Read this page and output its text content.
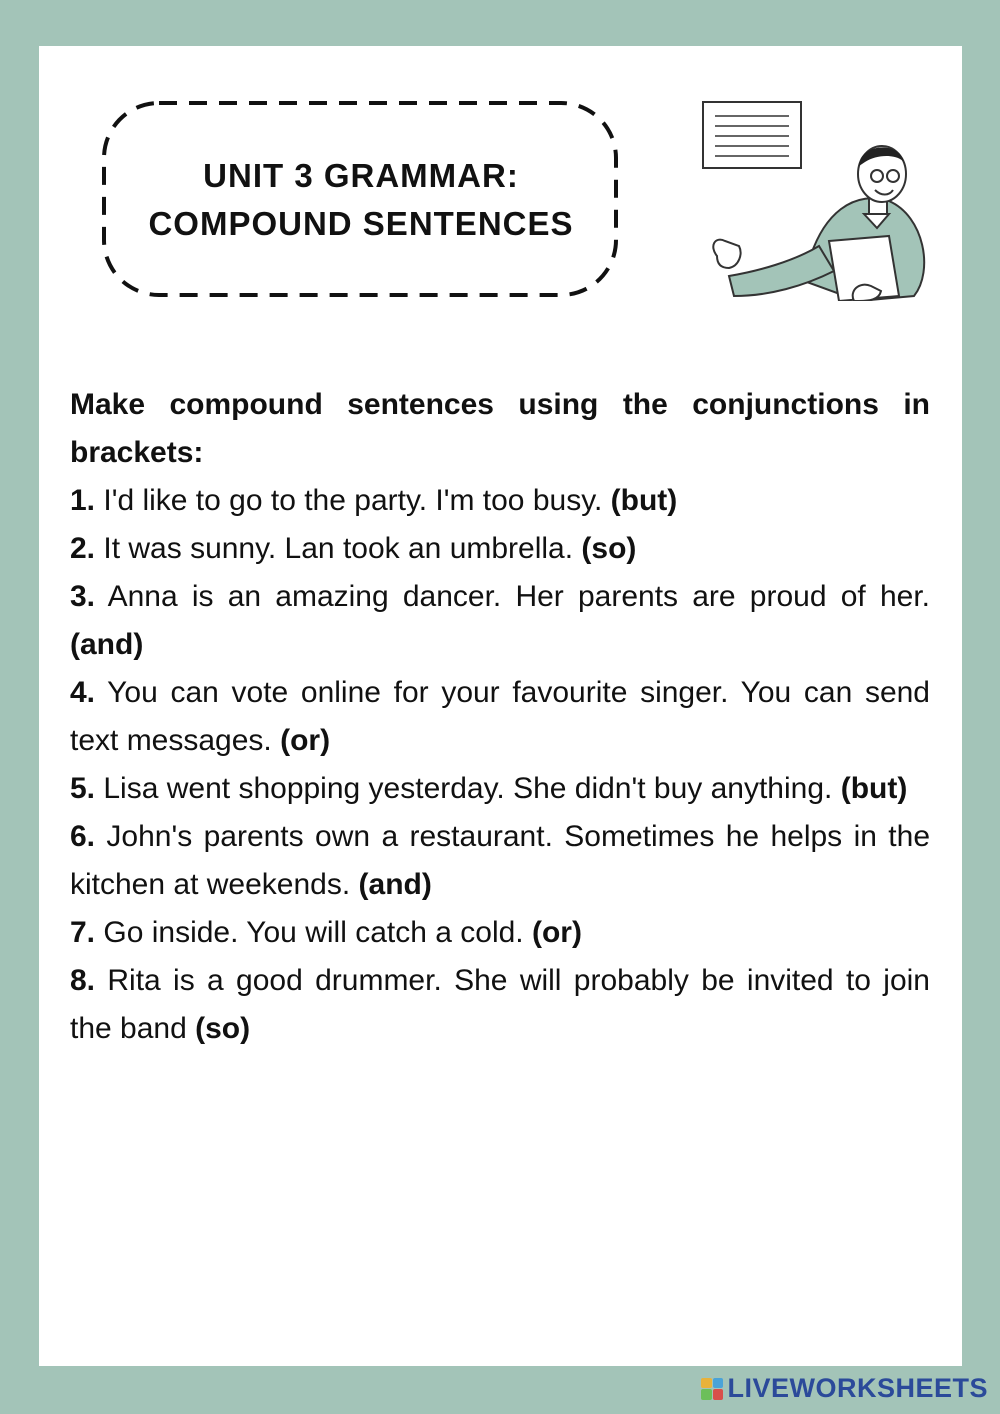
UNIT 3 GRAMMAR:
COMPOUND SENTENCES
Make compound sentences using the conjunctions in brackets:
1. I'd like to go to the party. I'm too busy. (but)
2. It was sunny. Lan took an umbrella. (so)
3. Anna is an amazing dancer. Her parents are proud of her. (and)
4. You can vote online for your favourite singer. You can send text messages. (or)
5. Lisa went shopping yesterday. She didn't buy anything. (but)
6. John's parents own a restaurant. Sometimes he helps in the kitchen at weekends. (and)
7. Go inside. You will catch a cold. (or)
8. Rita is a good drummer. She will probably be invited to join the band (so)
LIVEWORKSHEETS
